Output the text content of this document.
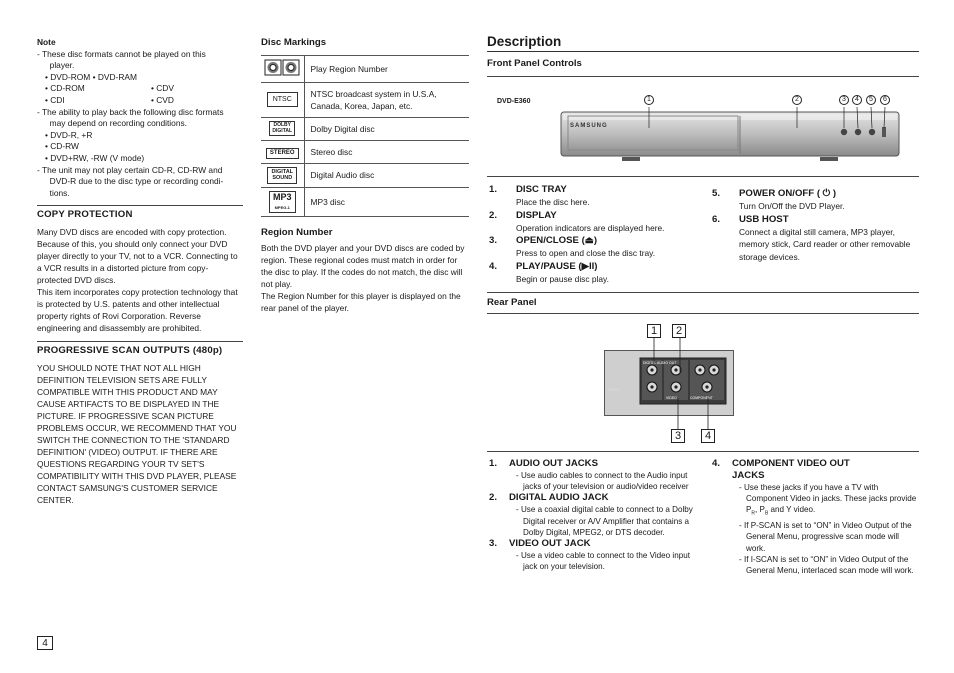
Note
- These disc formats cannot be played on this
player.
• DVD-ROM • DVD-RAM
• CD-ROM	• CDV
• CDI	• CVD
- The ability to play back the following disc formats
may depend on recording conditions.
• DVD-R, +R
• CD-RW
• DVD+RW, -RW (V mode)
- The unit may not play certain CD-R, CD-RW and
DVD-R due to the disc type or recording condi-
tions.
COPY PROTECTION
Many DVD discs are encoded with copy protection. Because of this, you should only connect your DVD player directly to your TV, not to a VCR. Connecting to a VCR results in a distorted picture from copy-protected DVD discs.
This item incorporates copy protection technology that is protected by U.S. patents and other intellectual property rights of Rovi Corporation. Reverse engineering and disassembly are prohibited.
PROGRESSIVE SCAN OUTPUTS (480p)
YOU SHOULD NOTE THAT NOT ALL HIGH DEFINITION TELEVISION SETS ARE FULLY COMPATIBLE WITH THIS PRODUCT AND MAY CAUSE ARTIFACTS TO BE DISPLAYED IN THE PICTURE. IF PROGRESSIVE SCAN PICTURE PROBLEMS OCCUR, WE RECOMMEND THAT YOU SWITCH THE CONNECTION TO THE 'STANDARD DEFINITION' (VIDEO) OUTPUT. IF THERE ARE QUESTIONS REGARDING YOUR TV SET'S COMPATIBILITY WITH THIS DVD PLAYER, PLEASE CONTACT SAMSUNG'S CUSTOMER SERVICE CENTER.
Disc Markings
	Play Region Number
NTSC	NTSC broadcast system in U.S.A, Canada, Korea, Japan, etc.
DOLBY
DIGITAL	Dolby Digital disc
STEREO	Stereo disc
DIGITAL
SOUND	Digital Audio disc
MP3
MPEG-1	MP3 disc
Region Number
Both the DVD player and your DVD discs are coded by region. These regional codes must match in order for the disc to play. If the codes do not match, the disc will not play.
The Region Number for this player is displayed on the rear panel of the player.
Description
Front Panel Controls
DVD-E360
SAMSUNG
1	2	3	4	5	6
1.	DISC TRAY
Place the disc here.
2.	DISPLAY
Operation indicators are displayed here.
3.	OPEN/CLOSE (⏏)
Press to open and close the disc tray.
4.	PLAY/PAUSE (▶II)
Begin or pause disc play.
5.	POWER ON/OFF ( ⏻ )
Turn On/Off the DVD Player.
6.	USB HOST
Connect a digital still camera, MP3 player, memory stick, Card reader or other removable storage devices.
Rear Panel
1	2
3	4
AUDIO
VIDEO	COMPONENT
DIGITAL AUDIO OUT
1.	AUDIO OUT JACKS
- Use audio cables to connect to the Audio input jacks of your television or audio/video receiver
2.	DIGITAL AUDIO JACK
- Use a coaxial digital cable to connect to a Dolby Digital receiver or A/V Amplifier that contains a Dolby Digital, MPEG2, or DTS decoder.
3.	VIDEO OUT JACK
- Use a video cable to connect to the Video input jack on your television.
4.	COMPONENT VIDEO OUT
JACKS
- Use these jacks if you have a TV with Component Video in jacks. These jacks provide $P_R$, $P_B$ and Y video.
- If P-SCAN is set to “ON” in Video Output of the General Menu, progressive scan mode will work.
- If I-SCAN is set to “ON” in Video Output of the General Menu, interlaced scan mode will work.
4
